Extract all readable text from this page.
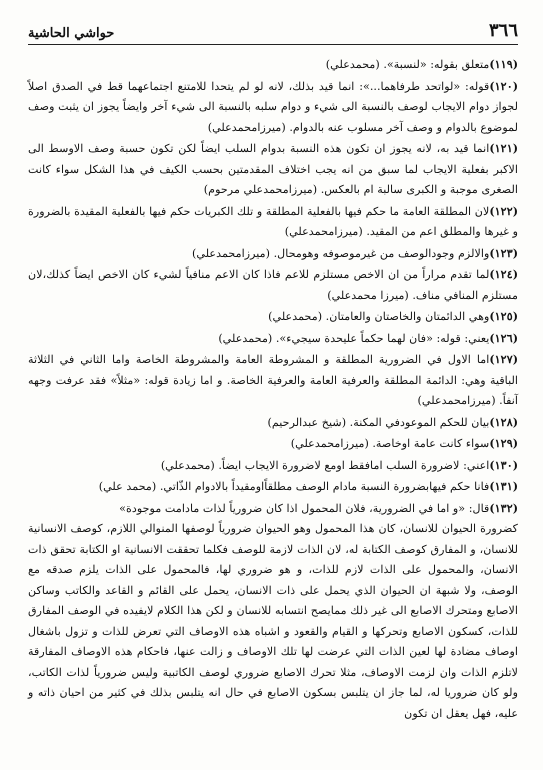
٣٦٦
حواشي الحاشية

(١١٩)متعلق بقوله: «لنسبة». (محمدعلي)

(١٢٠)قوله: «لواتحد طرفاهما...»: انما قيد بذلك، لانه لو لم يتحدا للامتنع اجتماعهما قط في الصدق اصلاً لجواز دوام الايجاب لوصف بالنسبة الى شيء و دوام سلبه بالنسبة الى شيء آخر وايضاً يجوز ان يثبت وصف لموضوع بالدوام و وصف آخر مسلوب عنه بالدوام. (ميرزامحمدعلي)

(١٢١)انما قيد به، لانه يجوز ان تكون هذه النسبة بدوام السلب ايضاً لكن تكون حسبة وصف الاوسط الى الاكبر بفعلية الايجاب لما سبق من انه يجب اختلاف المقدمتين بحسب الكيف في هذا الشكل سواء كانت الصغرى موجبة و الكبرى سالبة ام بالعكس. (ميرزامحمدعلي مرحوم)

(١٢٢)لان المطلقة العامة ما حكم فيها بالفعلية المطلقة و تلك الكبريات حكم فيها بالفعلية المقيدة بالضرورة و غيرها والمطلق اعم من المقيد. (ميرزامحمدعلي)

(١٢٣)والالزم وجودالوصف من غيرموصوفه وهومحال. (ميرزامحمدعلي)

(١٢٤)لما تقدم مراراً من ان الاخص مستلزم للاعم فاذا كان الاعم منافياً لشيء كان الاخص ايضاً كذلك،لان مستلزم المنافي مناف. (ميرزا محمدعلي)

(١٢٥)وهي الدائمتان والخاصتان والعامتان. (محمدعلي)

(١٢٦)يعني: قوله: «فان لهما حكماً عليحدة سيجيء». (محمدعلي)

(١٢٧)اما الاول في الضرورية المطلقة و المشروطة العامة والمشروطة الخاصة واما الثاني في الثلاثة الباقية وهي: الدائمة المطلقة والعرفية العامة والعرفية الخاصة. و اما زيادة قوله: «مثلاً» فقد عرفت وجهه آنفاً. (ميرزامحمدعلي)

(١٢٨)بيان للحكم الموعودفي المكنة. (شيخ عبدالرحيم)

(١٢٩)سواء كانت عامة اوخاصة. (ميرزامحمدعلي)

(١٣٠)اعني: لاضرورة السلب امافقط اومع لاضرورة الايجاب ايضاً. (محمدعلي)

(١٣١)فانا حكم فيهابضرورة النسبة مادام الوصف مطلقاًاومقيداً بالادوام الذّاتي. (محمد علي)

(١٣٢)قال: «و اما في الضرورية، فلان المحمول اذا كان ضرورياً لذات مادامت موجودة»

كضرورة الحيوان للانسان، كان هذا المحمول وهو الحيوان ضرورياً لوصفها المنوالي اللازم، كوصف الانسانية للانسان، و المفارق كوصف الكتابة له، لان الذات لازمة للوصف فكلما تحققت الانسانية او الكتابة تحقق ذات الانسان، والمحمول على الذات لازم للذات، و هو ضروري لها، فالمحمول على الذات يلزم صدقه مع الوصف، ولا شبهة ان الحيوان الذي يحمل على ذات الانسان، يحمل على القائم و القاعد والكاتب وساكن الاصابع ومتحرك الاصابع الى غير ذلك ممايصح انتسابه للانسان و لكن هذا الكلام لايفيده في الوصف المفارق للذات، كسكون الاصابع وتحركها و القيام والقعود و اشباه هذه الاوصاف التي تعرض للذات و تزول باشغال اوصاف مضادة لها لعين الذات التي عرضت لها تلك الاوصاف و زالت عنها، فاحكام هذه الاوصاف المفارقة لاتلزم الذات وان لزمت الاوصاف، مثلا تحرك الاصابع ضروري لوصف الكاتبية وليس ضرورياً لذات الكاتب، ولو كان ضروريا له، لما جاز ان يتلبس بسكون الاصابع في حال انه يتلبس بذلك في كثير من احيان ذاته و عليه، فهل يعقل ان تكون
